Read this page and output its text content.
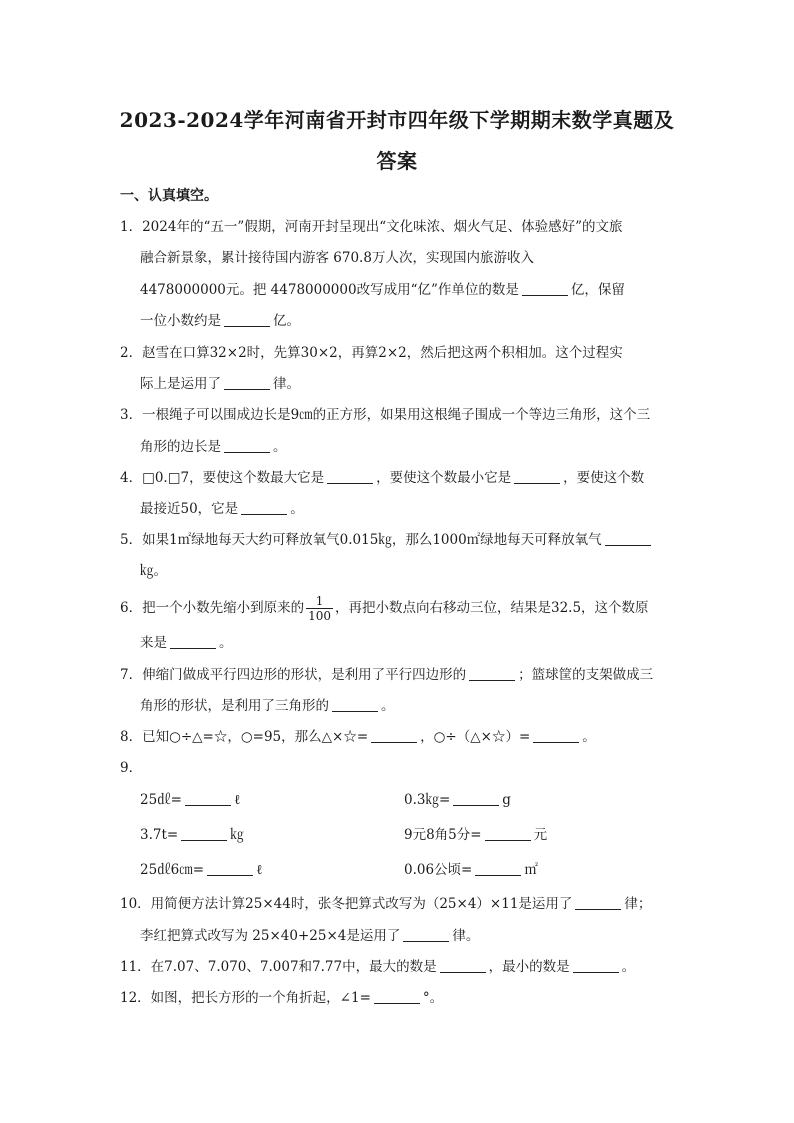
2023-2024学年河南省开封市四年级下学期期末数学真题及
答案
一、认真填空。
1．2024年的“五一”假期，河南开封呈现出“文化味浓、烟火气足、体验感好”的文旅
融合新景象，累计接待国内游客 670.8万人次，实现国内旅游收入
4478000000元。把 4478000000改写成用“亿”作单位的数是	亿，保留
一位小数约是	亿。
2．赵雪在口算32×2时，先算30×2，再算2×2，然后把这两个积相加。这个过程实
际上是运用了	律。
3．一根绳子可以围成边长是9㎝的正方形，如果用这根绳子围成一个等边三角形，这个三
角形的边长是	。
4．□0.□7，要使这个数最大它是	，要使这个数最小它是	，要使这个数
最接近50，它是	。
5．如果1㎡绿地每天大约可释放氧气0.015㎏，那么1000㎡绿地每天可释放氧气
㎏。
6．把一个小数先缩小到原来的 $\frac{1}{100}$ ，再把小数点向右移动三位，结果是32.5，这个数原
来是	。
7．伸缩门做成平行四边形的形状，是利用了平行四边形的	；篮球筐的支架做成三
角形的形状，是利用了三角形的	。
8．已知○÷△=☆，○=95，那么△×☆=	，○÷（△×☆）=	。
9．
25㎗=	ℓ	0.3㎏=	g
3.7t=	㎏	9元8角5分=	元
25㎗6㎝=	ℓ	0.06公顷=	㎡
10．用简便方法计算25×44时，张冬把算式改写为（25×4）×11是运用了	律；
李红把算式改写为 25×40+25×4是运用了	律。
11．在7.07、7.070、7.007和7.77中，最大的数是	，最小的数是	。
12．如图，把长方形的一个角折起，∠1=	°。
